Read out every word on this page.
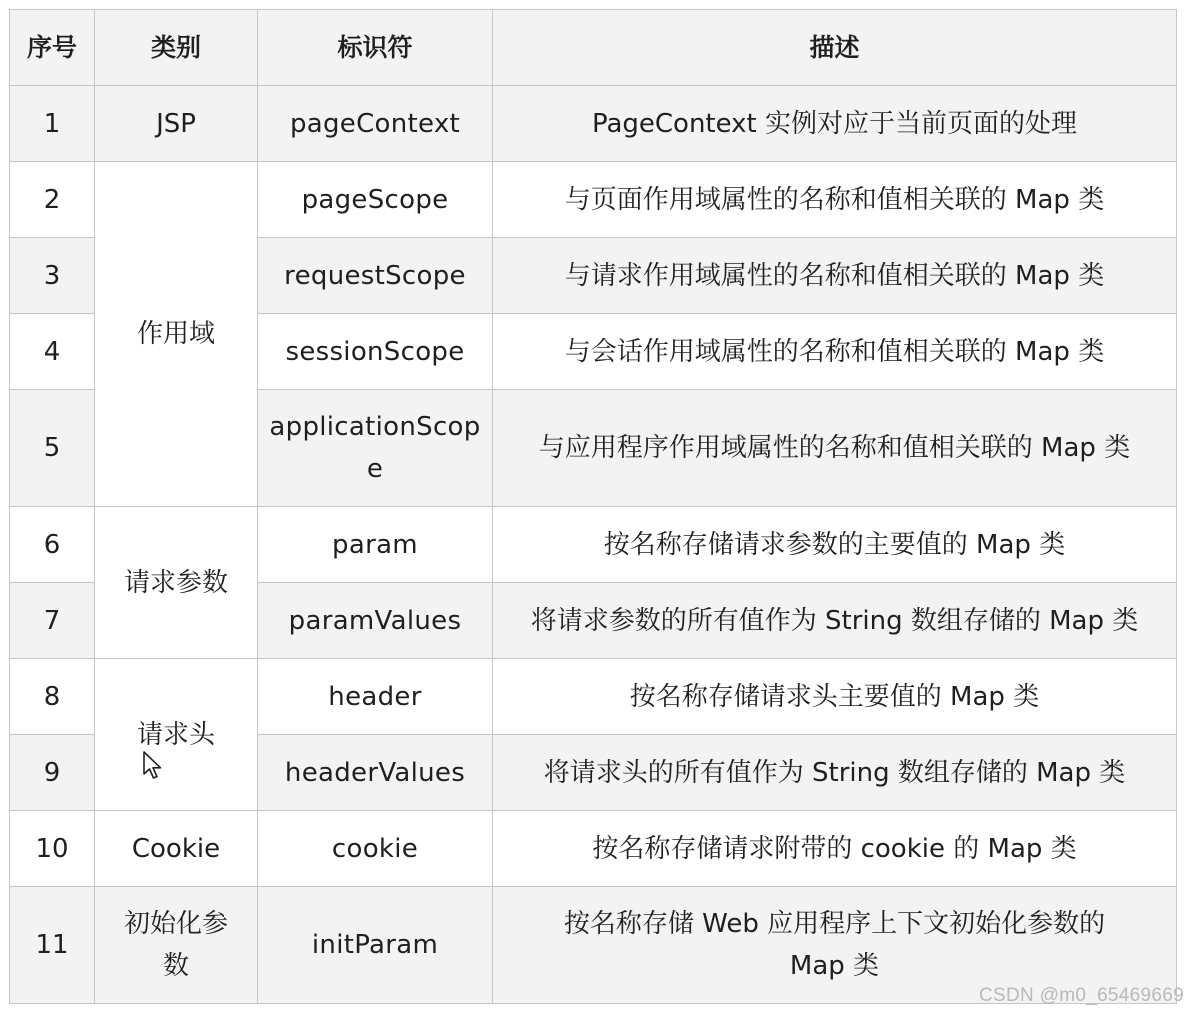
序号	类别	标识符	描述
1	JSP	pageContext	PageContext 实例对应于当前页面的处理
2	作用域	pageScope	与页面作用域属性的名称和值相关联的 Map 类
3		requestScope	与请求作用域属性的名称和值相关联的 Map 类
4		sessionScope	与会话作用域属性的名称和值相关联的 Map 类
5		applicationScope	与应用程序作用域属性的名称和值相关联的 Map 类
6	请求参数	param	按名称存储请求参数的主要值的 Map 类
7		paramValues	将请求参数的所有值作为 String 数组存储的 Map 类
8	请求头	header	按名称存储请求头主要值的 Map 类
9		headerValues	将请求头的所有值作为 String 数组存储的 Map 类
10	Cookie	cookie	按名称存储请求附带的 cookie 的 Map 类
11	初始化参数	initParam	按名称存储 Web 应用程序上下文初始化参数的 Map 类
CSDN @m0_65469669
